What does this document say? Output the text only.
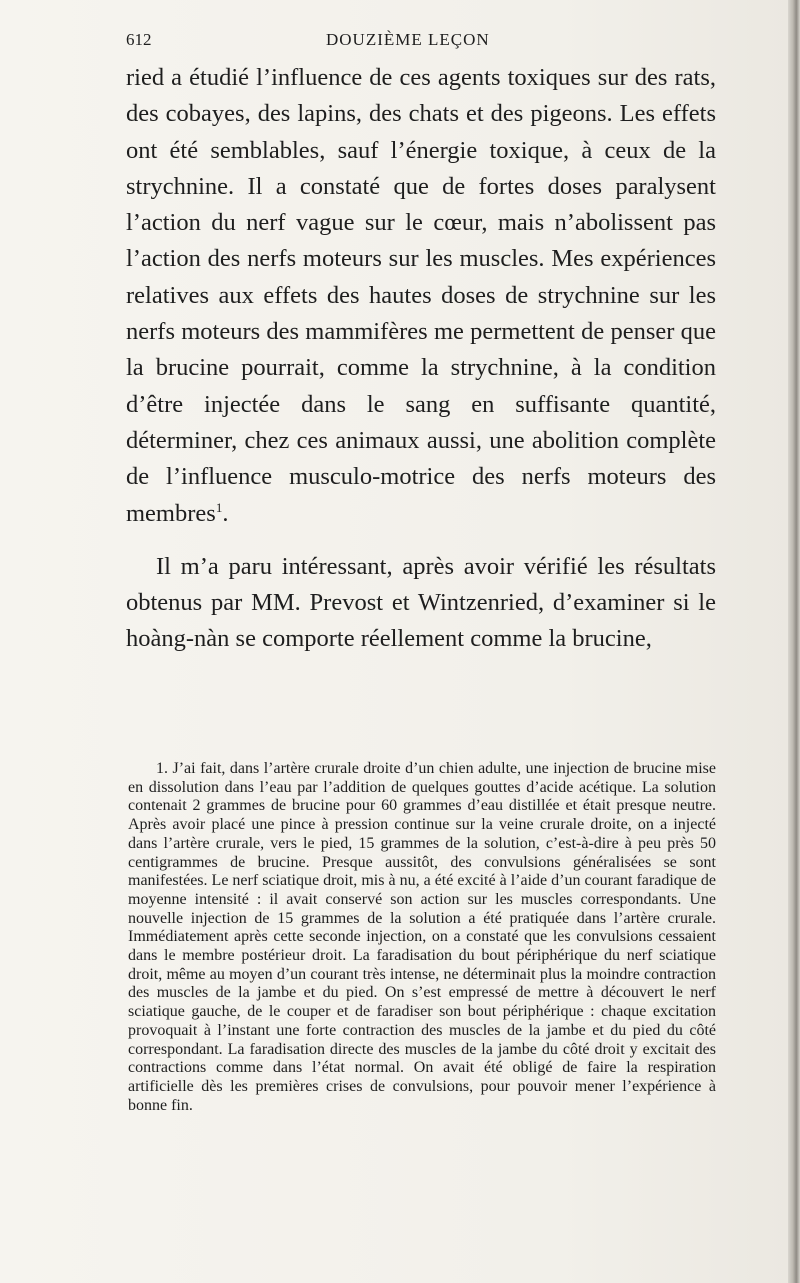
612	DOUZIÈME LEÇON

ried a étudié l’influence de ces agents toxiques sur des rats, des cobayes, des lapins, des chats et des pigeons. Les effets ont été semblables, sauf l’énergie toxique, à ceux de la strychnine. Il a constaté que de fortes doses paralysent l’action du nerf vague sur le cœur, mais n’abolissent pas l’action des nerfs moteurs sur les muscles. Mes expériences relatives aux effets des hautes doses de strychnine sur les nerfs moteurs des mammifères me permettent de penser que la brucine pourrait, comme la strychnine, à la condition d’être injectée dans le sang en suffisante quantité, déterminer, chez ces animaux aussi, une abolition complète de l’influence musculo-motrice des nerfs moteurs des membres$^1$.

Il m’a paru intéressant, après avoir vérifié les résultats obtenus par MM. Prevost et Wintzenried, d’examiner si le hoàng-nàn se comporte réellement comme la brucine,

1. J’ai fait, dans l’artère crurale droite d’un chien adulte, une injection de brucine mise en dissolution dans l’eau par l’addition de quelques gouttes d’acide acétique. La solution contenait 2 grammes de brucine pour 60 grammes d’eau distillée et était presque neutre. Après avoir placé une pince à pression continue sur la veine crurale droite, on a injecté dans l’artère crurale, vers le pied, 15 grammes de la solution, c’est-à-dire à peu près 50 centigrammes de brucine. Presque aussitôt, des convulsions généralisées se sont manifestées. Le nerf sciatique droit, mis à nu, a été excité à l’aide d’un courant faradique de moyenne intensité : il avait conservé son action sur les muscles correspondants. Une nouvelle injection de 15 grammes de la solution a été pratiquée dans l’artère crurale. Immédiatement après cette seconde injection, on a constaté que les convulsions cessaient dans le membre postérieur droit. La faradisation du bout périphérique du nerf sciatique droit, même au moyen d’un courant très intense, ne déterminait plus la moindre contraction des muscles de la jambe et du pied. On s’est empressé de mettre à découvert le nerf sciatique gauche, de le couper et de faradiser son bout périphérique : chaque excitation provoquait à l’instant une forte contraction des muscles de la jambe et du pied du côté correspondant. La faradisation directe des muscles de la jambe du côté droit y excitait des contractions comme dans l’état normal. On avait été obligé de faire la respiration artificielle dès les premières crises de convulsions, pour pouvoir mener l’expérience à bonne fin.
